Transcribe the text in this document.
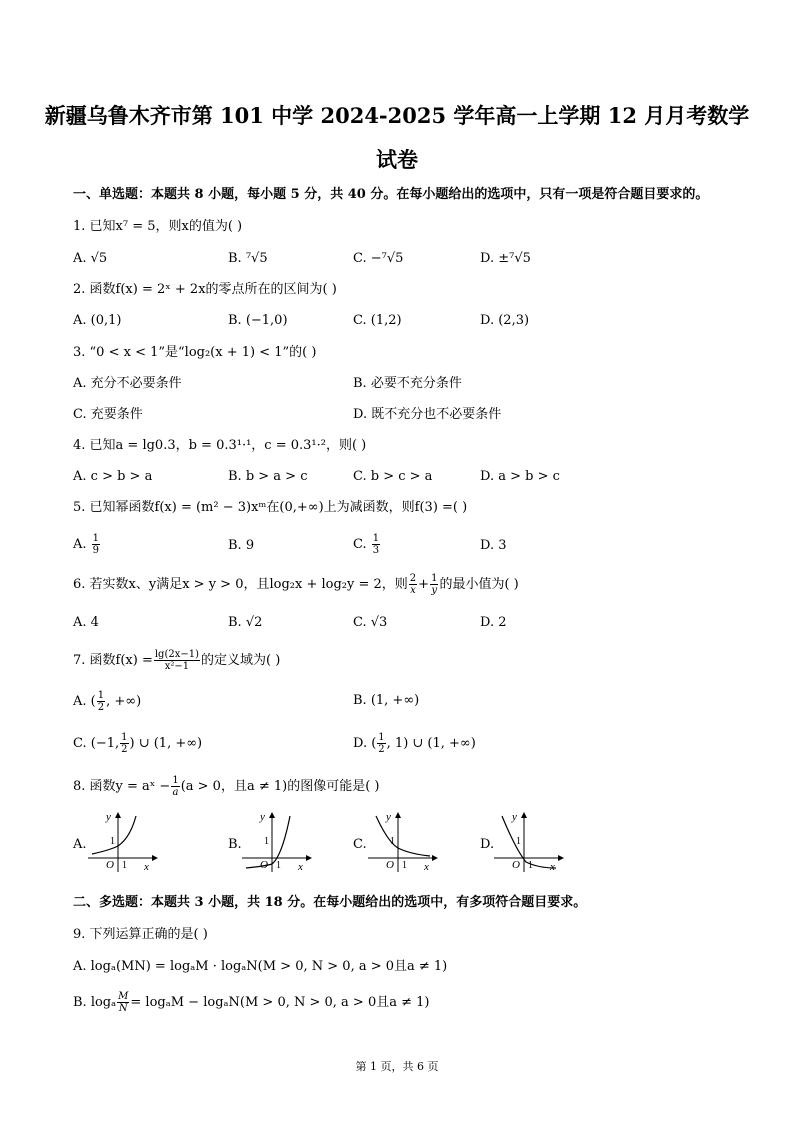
新疆乌鲁木齐市第 101 中学 2024-2025 学年高一上学期 12 月月考数学
试卷
一、单选题：本题共 8 小题，每小题 5 分，共 40 分。在每小题给出的选项中，只有一项是符合题目要求的。
1. 已知x⁷ = 5，则x的值为( )
A. √5	B. ⁷√5	C. −⁷√5	D. ±⁷√5
2. 函数f(x) = 2ˣ + 2x的零点所在的区间为( )
A. (0,1)	B. (−1,0)	C. (1,2)	D. (2,3)
3. “0 < x < 1”是“log₂(x + 1) < 1”的( )
A. 充分不必要条件	B. 必要不充分条件
C. 充要条件	D. 既不充分也不必要条件
4. 已知a = lg0.3，b = 0.3¹·¹，c = 0.3¹·²，则( )
A. c > b > a	B. b > a > c	C. b > c > a	D. a > b > c
5. 已知幂函数f(x) = (m² − 3)xᵐ在(0,+∞)上为减函数，则f(3) =( )
A. $\frac{1}{9}$	B. 9	C. $\frac{1}{3}$	D. 3
6. 若实数x、y满足x > y > 0，且log₂x + log₂y = 2，则 $\frac{2}{x} + \frac{1}{y}$ 的最小值为( )
A. 4	B. √2	C. √3	D. 2
7. 函数$f(x) = \frac{\lg(2x-1)}{\text{x²−1}}$ 的定义域为( )
A. ( $\frac{1}{2}$ , +∞)	B. (1, +∞)
C. (−1, $\frac{1}{2}$ ) ∪ (1, +∞)	D. ( $\frac{1}{2}$ , 1) ∪ (1, +∞)
8. 函数y = aˣ − $\frac{1}{a} (a > 0$，且a ≠ 1)的图像可能是( )
A.	B.	C.	D.
O 1
1
x
y
O 1
1
x
y
O 1
1
x
y
O 1
1
x
y
二、多选题：本题共 3 小题，共 18 分。在每小题给出的选项中，有多项符合题目要求。
9. 下列运算正确的是( )
A. logₐ(MN) = logₐM · logₐN(M > 0, N > 0, a > 0且a ≠ 1)
B. logₐ $\frac{M}{N} = \log_aM - \log_aN(M > 0$, N > 0, a > 0且a ≠ 1)
第 1 页，共 6 页
